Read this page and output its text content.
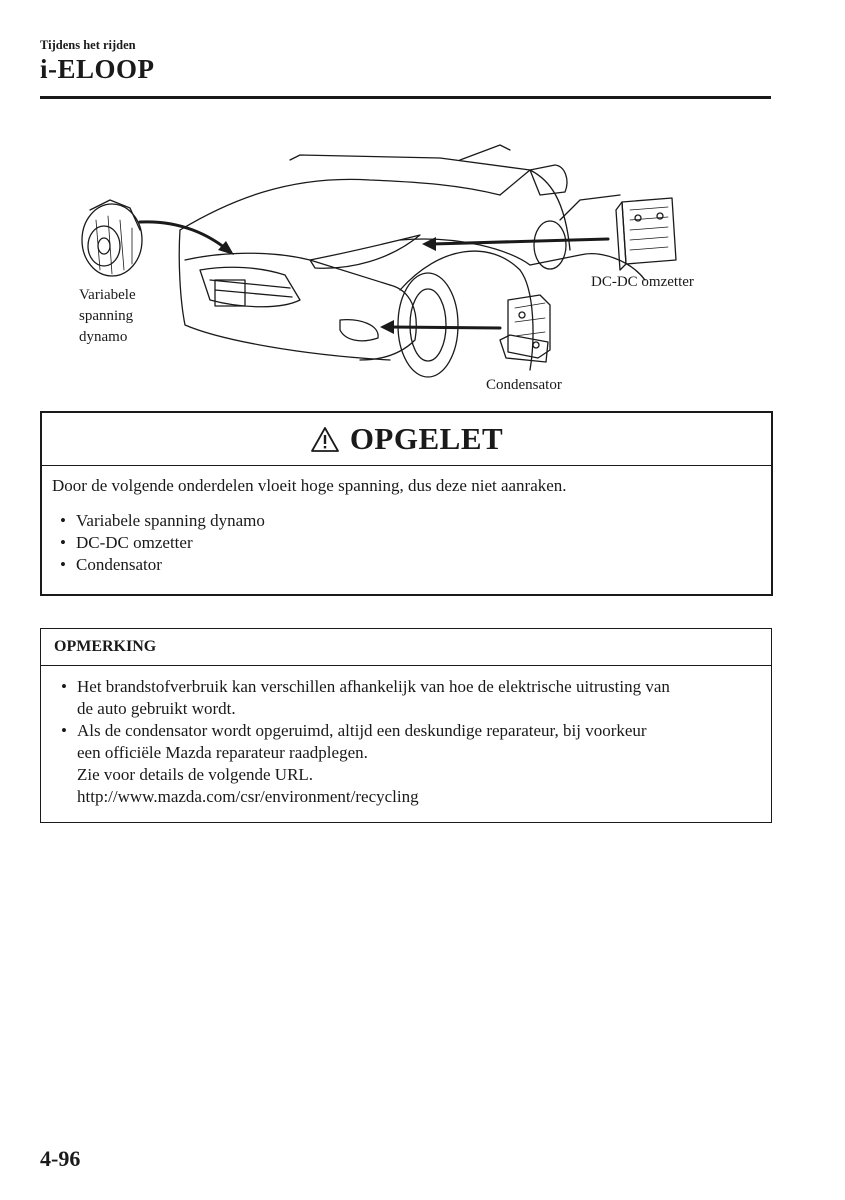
Tijdens het rijden
i-ELOOP
Variabele
spanning
dynamo
DC-DC omzetter
Condensator
OPGELET

Door de volgende onderdelen vloeit hoge spanning, dus deze niet aanraken.

• Variabele spanning dynamo
• DC-DC omzetter
• Condensator
OPMERKING
• Het brandstofverbruik kan verschillen afhankelijk van hoe de elektrische uitrusting van
de auto gebruikt wordt.
• Als de condensator wordt opgeruimd, altijd een deskundige reparateur, bij voorkeur
een officiële Mazda reparateur raadplegen.
Zie voor details de volgende URL.
http://www.mazda.com/csr/environment/recycling
4-96
